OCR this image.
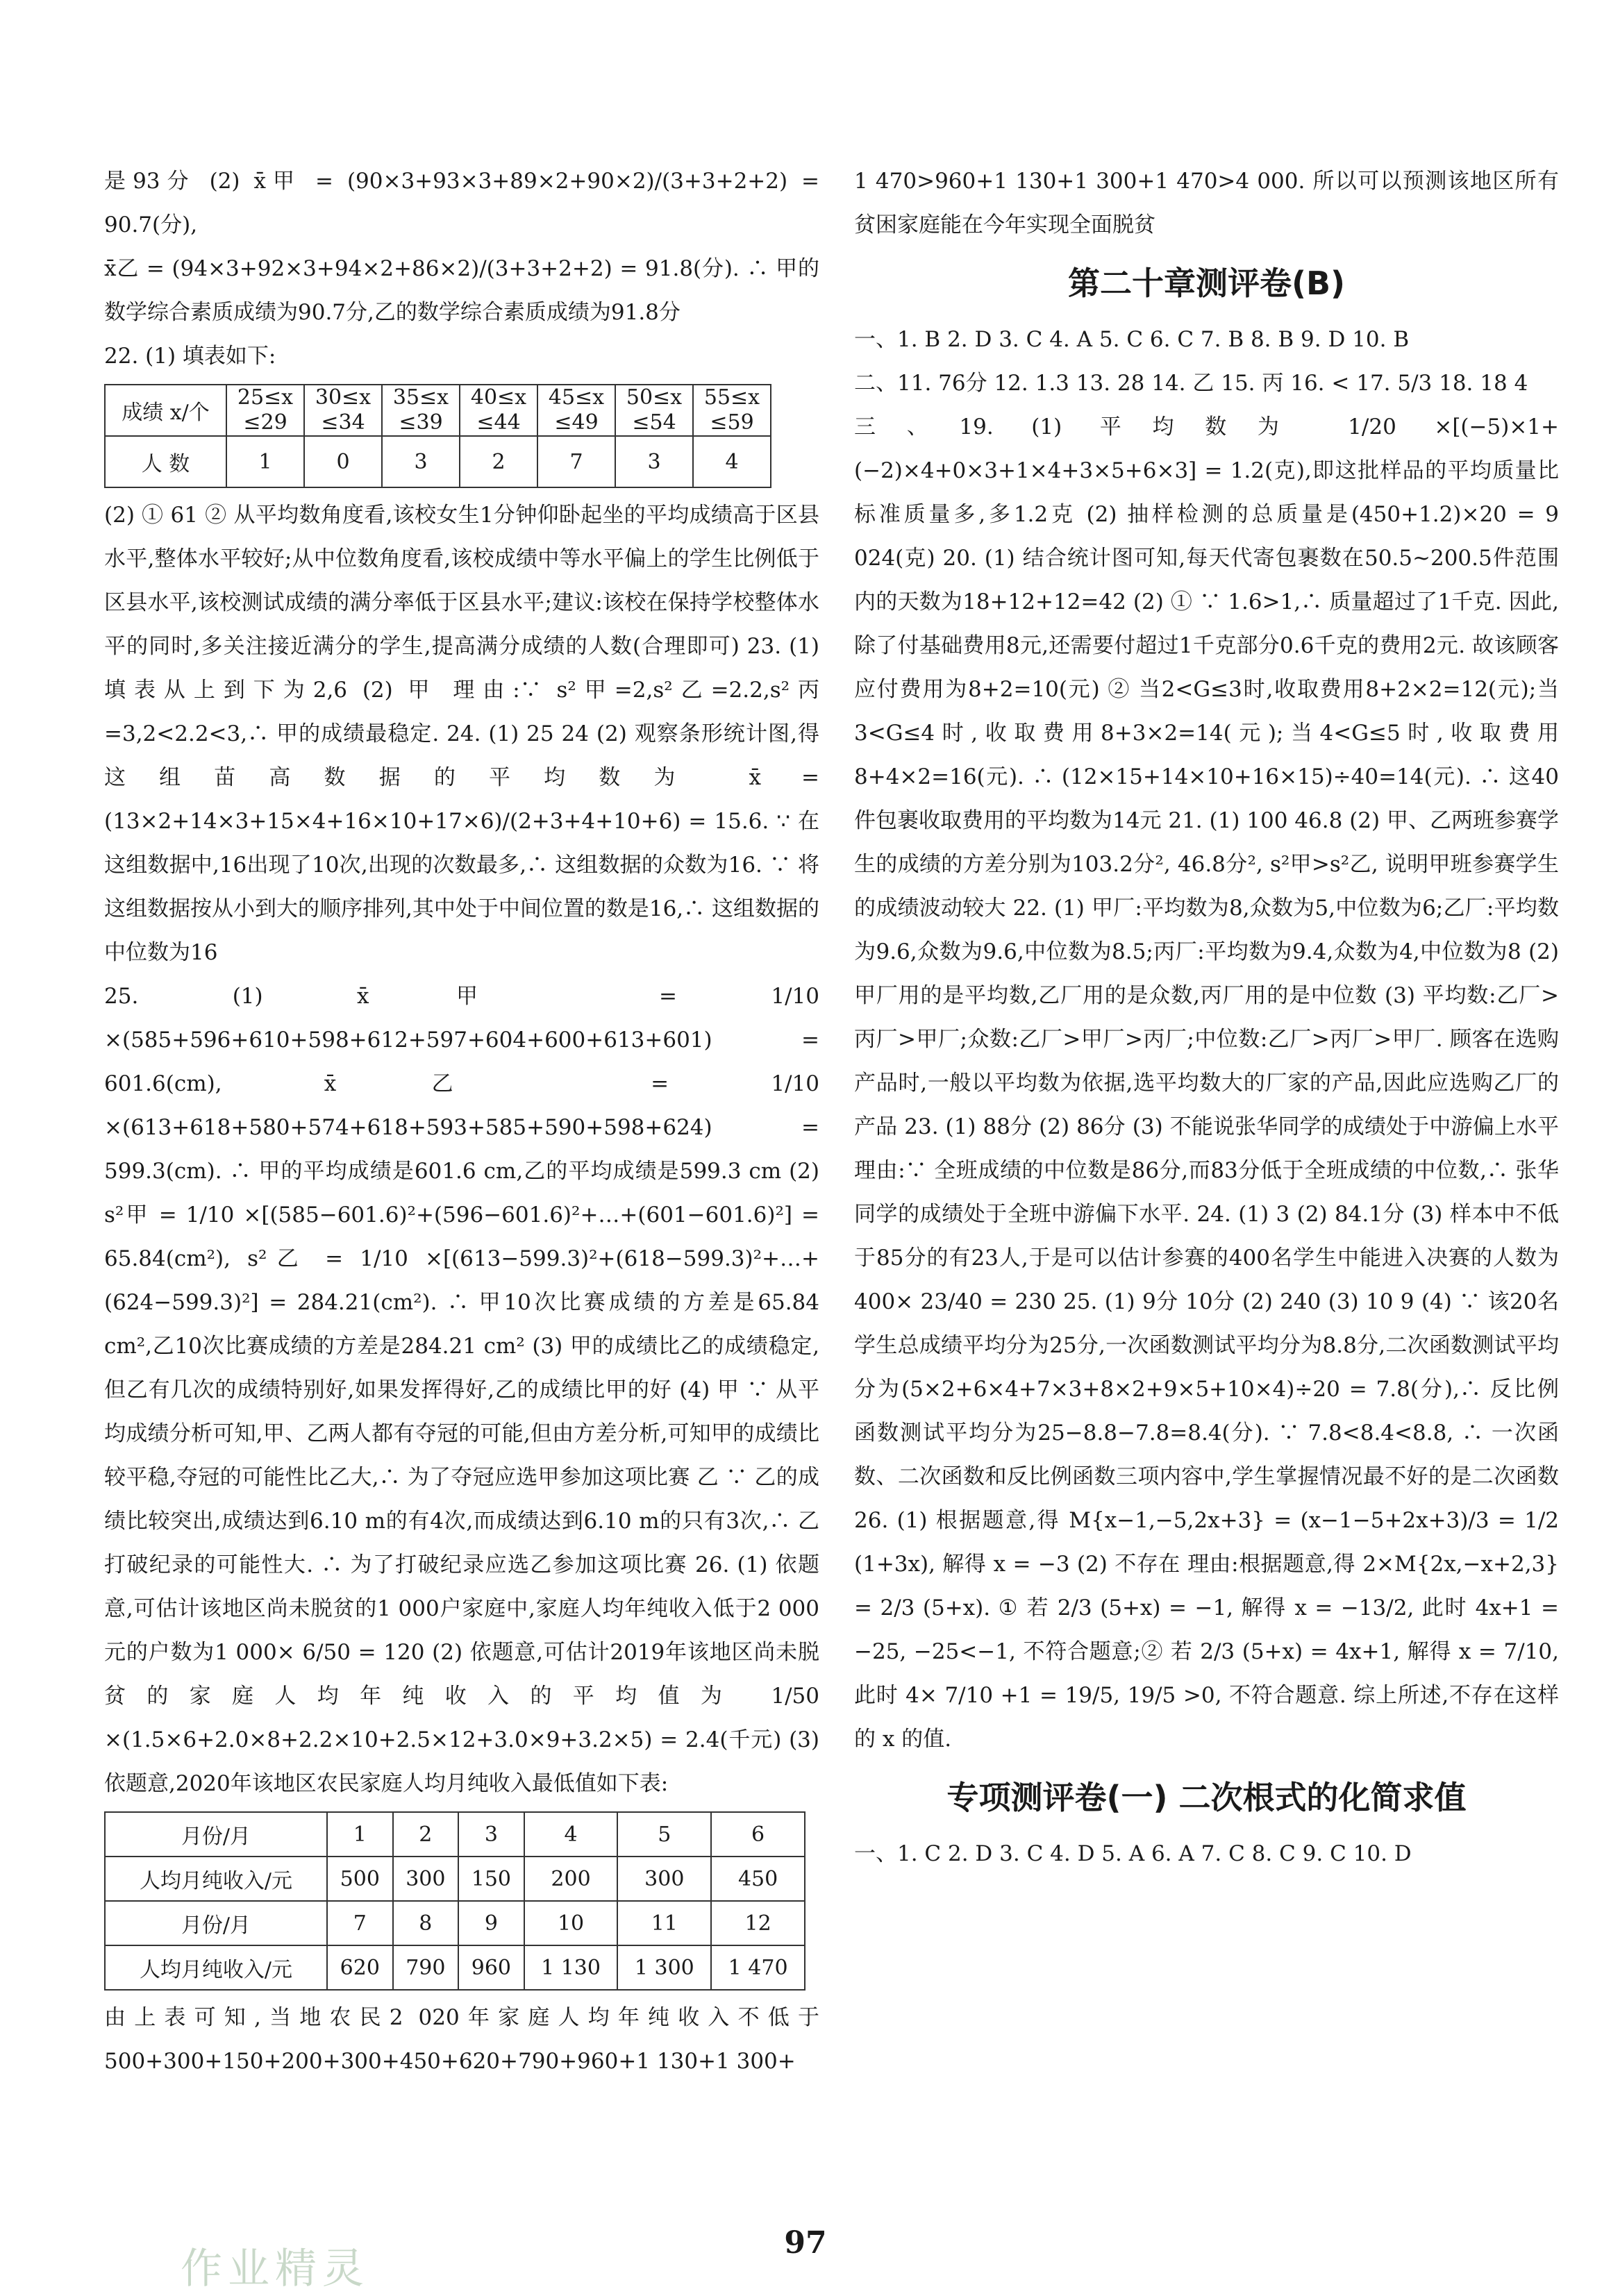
是93分 (2) x̄甲 = (90×3+93×3+89×2+90×2)/(3+3+2+2) = 90.7(分),

x̄乙 = (94×3+92×3+94×2+86×2)/(3+3+2+2) = 91.8(分). ∴ 甲的数学综合素质成绩为90.7分,乙的数学综合素质成绩为91.8分

22. (1) 填表如下:

成绩 x/个	25≤x ≤29	30≤x ≤34	35≤x ≤39	40≤x ≤44	45≤x ≤49	50≤x ≤54	55≤x ≤59
人 数	1	0	3	2	7	3	4

(2) ① 61 ② 从平均数角度看,该校女生1分钟仰卧起坐的平均成绩高于区县水平,整体水平较好;从中位数角度看,该校成绩中等水平偏上的学生比例低于区县水平,该校测试成绩的满分率低于区县水平;建议:该校在保持学校整体水平的同时,多关注接近满分的学生,提高满分成绩的人数(合理即可) 23. (1) 填表从上到下为2,6 (2) 甲 理由:∵ s²甲=2,s²乙=2.2,s²丙=3,2<2.2<3,∴ 甲的成绩最稳定. 24. (1) 25 24 (2) 观察条形统计图,得这组苗高数据的平均数为 x̄ = (13×2+14×3+15×4+16×10+17×6)/(2+3+4+10+6) = 15.6. ∵ 在这组数据中,16出现了10次,出现的次数最多,∴ 这组数据的众数为16. ∵ 将这组数据按从小到大的顺序排列,其中处于中间位置的数是16,∴ 这组数据的中位数为16

25. (1) x̄甲 = 1/10 ×(585+596+610+598+612+597+604+600+613+601) = 601.6(cm), x̄乙 = 1/10 ×(613+618+580+574+618+593+585+590+598+624) = 599.3(cm). ∴ 甲的平均成绩是601.6 cm,乙的平均成绩是599.3 cm (2) s²甲 = 1/10 ×[(585−601.6)²+(596−601.6)²+…+(601−601.6)²] = 65.84(cm²), s²乙 = 1/10 ×[(613−599.3)²+(618−599.3)²+…+(624−599.3)²] = 284.21(cm²). ∴ 甲10次比赛成绩的方差是65.84 cm²,乙10次比赛成绩的方差是284.21 cm² (3) 甲的成绩比乙的成绩稳定,但乙有几次的成绩特别好,如果发挥得好,乙的成绩比甲的好 (4) 甲 ∵ 从平均成绩分析可知,甲、乙两人都有夺冠的可能,但由方差分析,可知甲的成绩比较平稳,夺冠的可能性比乙大,∴ 为了夺冠应选甲参加这项比赛 乙 ∵ 乙的成绩比较突出,成绩达到6.10 m的有4次,而成绩达到6.10 m的只有3次,∴ 乙打破纪录的可能性大. ∴ 为了打破纪录应选乙参加这项比赛 26. (1) 依题意,可估计该地区尚未脱贫的1 000户家庭中,家庭人均年纯收入低于2 000元的户数为1 000× 6/50 = 120 (2) 依题意,可估计2019年该地区尚未脱贫的家庭人均年纯收入的平均值为 1/50 ×(1.5×6+2.0×8+2.2×10+2.5×12+3.0×9+3.2×5) = 2.4(千元) (3) 依题意,2020年该地区农民家庭人均月纯收入最低值如下表:

月份/月	1	2	3	4	5	6
人均月纯收入/元	500	300	150	200	300	450
月份/月	7	8	9	10	11	12
人均月纯收入/元	620	790	960	1 130	1 300	1 470

由上表可知,当地农民2 020年家庭人均年纯收入不低于500+300+150+200+300+450+620+790+960+1 130+1 300+

1 470>960+1 130+1 300+1 470>4 000. 所以可以预测该地区所有贫困家庭能在今年实现全面脱贫

第二十章测评卷(B)

一、1. B 2. D 3. C 4. A 5. C 6. C 7. B 8. B 9. D 10. B

二、11. 76分 12. 1.3 13. 28 14. 乙 15. 丙 16. < 17. 5/3 18. 18 4

三、19. (1) 平均数为 1/20 ×[(−5)×1+(−2)×4+0×3+1×4+3×5+6×3] = 1.2(克),即这批样品的平均质量比标准质量多,多1.2克 (2) 抽样检测的总质量是(450+1.2)×20 = 9 024(克) 20. (1) 结合统计图可知,每天代寄包裹数在50.5~200.5件范围内的天数为18+12+12=42 (2) ① ∵ 1.6>1,∴ 质量超过了1千克. 因此,除了付基础费用8元,还需要付超过1千克部分0.6千克的费用2元. 故该顾客应付费用为8+2=10(元) ② 当2<G≤3时,收取费用8+2×2=12(元);当3<G≤4时,收取费用8+3×2=14(元);当4<G≤5时,收取费用8+4×2=16(元). ∴ (12×15+14×10+16×15)÷40=14(元). ∴ 这40件包裹收取费用的平均数为14元 21. (1) 100 46.8 (2) 甲、乙两班参赛学生的成绩的方差分别为103.2分², 46.8分², s²甲>s²乙, 说明甲班参赛学生的成绩波动较大 22. (1) 甲厂:平均数为8,众数为5,中位数为6;乙厂:平均数为9.6,众数为9.6,中位数为8.5;丙厂:平均数为9.4,众数为4,中位数为8 (2) 甲厂用的是平均数,乙厂用的是众数,丙厂用的是中位数 (3) 平均数:乙厂>丙厂>甲厂;众数:乙厂>甲厂>丙厂;中位数:乙厂>丙厂>甲厂. 顾客在选购产品时,一般以平均数为依据,选平均数大的厂家的产品,因此应选购乙厂的产品 23. (1) 88分 (2) 86分 (3) 不能说张华同学的成绩处于中游偏上水平 理由:∵ 全班成绩的中位数是86分,而83分低于全班成绩的中位数,∴ 张华同学的成绩处于全班中游偏下水平. 24. (1) 3 (2) 84.1分 (3) 样本中不低于85分的有23人,于是可以估计参赛的400名学生中能进入决赛的人数为400× 23/40 = 230 25. (1) 9分 10分 (2) 240 (3) 10 9 (4) ∵ 该20名学生总成绩平均分为25分,一次函数测试平均分为8.8分,二次函数测试平均分为(5×2+6×4+7×3+8×2+9×5+10×4)÷20 = 7.8(分),∴ 反比例函数测试平均分为25−8.8−7.8=8.4(分). ∵ 7.8<8.4<8.8, ∴ 一次函数、二次函数和反比例函数三项内容中,学生掌握情况最不好的是二次函数 26. (1) 根据题意,得 M{x−1,−5,2x+3} = (x−1−5+2x+3)/3 = 1/2 (1+3x), 解得 x = −3 (2) 不存在 理由:根据题意,得 2×M{2x,−x+2,3} = 2/3 (5+x). ① 若 2/3 (5+x) = −1, 解得 x = −13/2, 此时 4x+1 = −25, −25<−1, 不符合题意;② 若 2/3 (5+x) = 4x+1, 解得 x = 7/10, 此时 4× 7/10 +1 = 19/5, 19/5 >0, 不符合题意. 综上所述,不存在这样的 x 的值.

专项测评卷(一) 二次根式的化简求值

一、1. C 2. D 3. C 4. D 5. A 6. A 7. C 8. C 9. C 10. D

作业精灵
97
